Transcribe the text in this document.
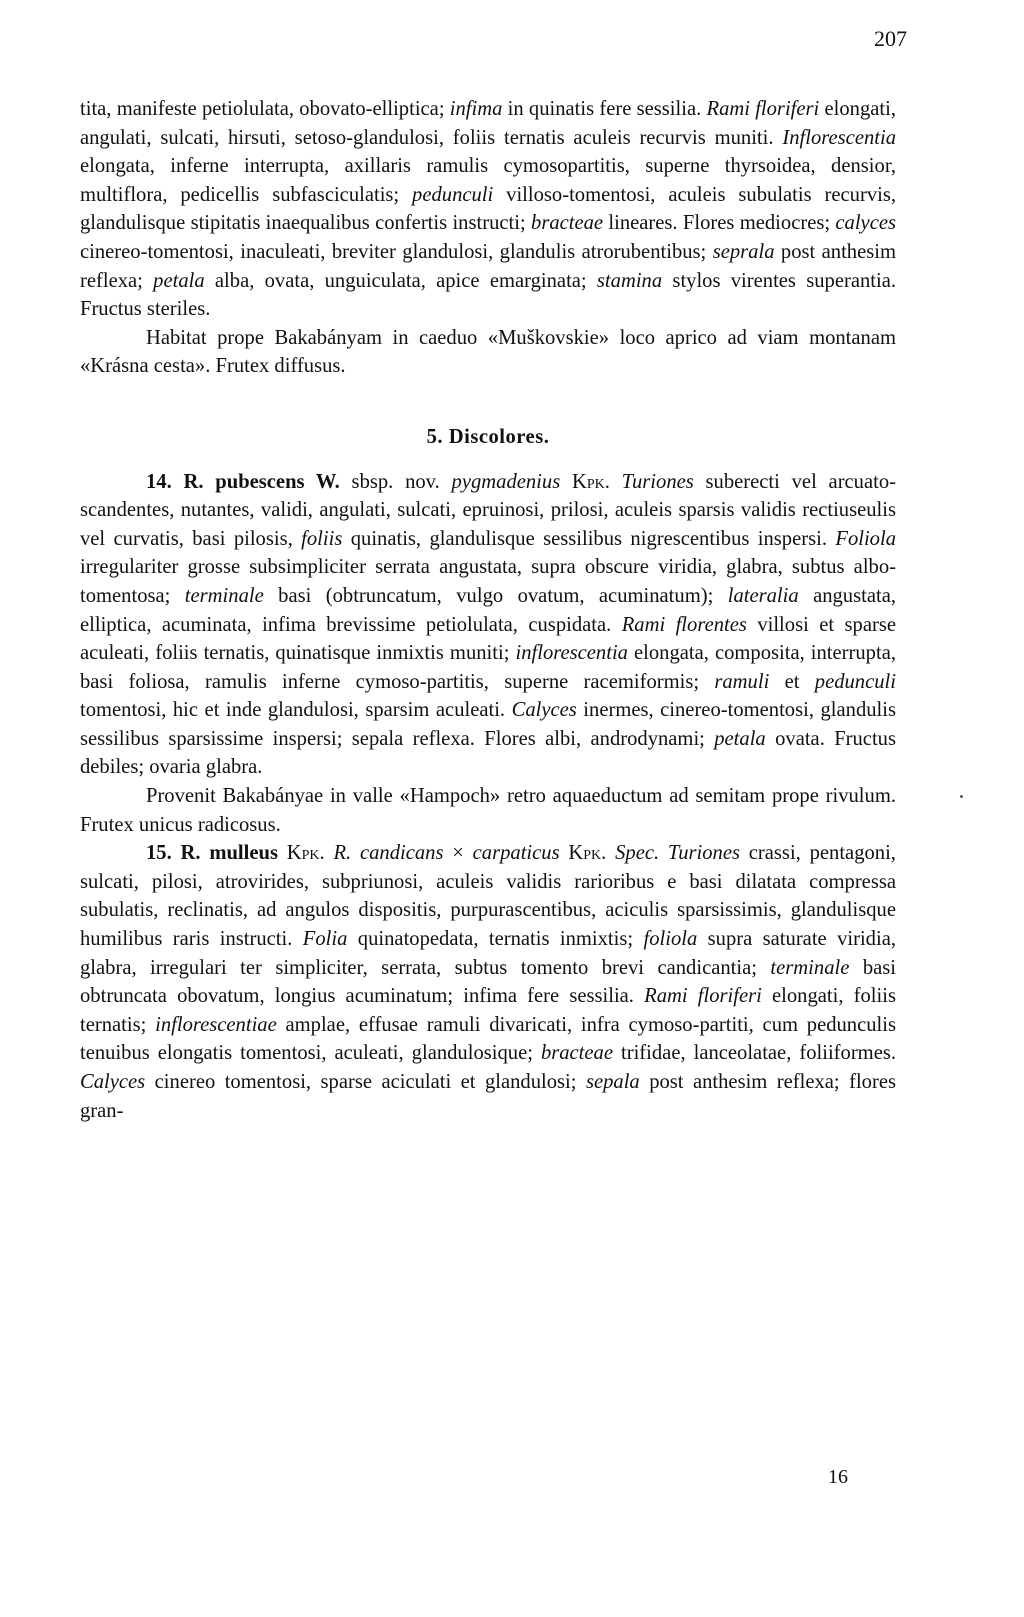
207

tita, manifeste petiolulata, obovato-elliptica; infima in quinatis fere sessilia. Rami floriferi elongati, angulati, sulcati, hirsuti, setoso-glandulosi, foliis ternatis aculeis recurvis muniti. Inflorescentia elongata, inferne interrupta, axillaris ramulis cymosopartitis, superne thyrsoidea, densior, multiflora, pedicellis subfasciculatis; pedunculi villoso-tomentosi, aculeis subulatis recurvis, glandulisque stipitatis inaequalibus confertis instructi; bracteae lineares. Flores mediocres; calyces cinereo-tomentosi, inaculeati, breviter glandulosi, glandulis atrorubentibus; seprala post anthesim reflexa; petala alba, ovata, unguiculata, apice emarginata; stamina stylos virentes superantia. Fructus steriles.

Habitat prope Bakabányam in caeduo «Muškovskie» loco aprico ad viam montanam «Krásna cesta». Frutex diffusus.

5. Discolores.

14. R. pubescens W. sbsp. nov. pygmadenius Kpk. Turiones suberecti vel arcuato-scandentes, nutantes, validi, angulati, sulcati, epruinosi, prilosi, aculeis sparsis validis rectiuseulis vel curvatis, basi pilosis, foliis quinatis, glandulisque sessilibus nigrescentibus inspersi. Foliola irregulariter grosse subsimpliciter serrata angustata, supra obscure viridia, glabra, subtus albo-tomentosa; terminale basi (obtruncatum, vulgo ovatum, acuminatum); lateralia angustata, elliptica, acuminata, infima brevissime petiolulata, cuspidata. Rami florentes villosi et sparse aculeati, foliis ternatis, quinatisque inmixtis muniti; inflorescentia elongata, composita, interrupta, basi foliosa, ramulis inferne cymoso-partitis, superne racemiformis; ramuli et pedunculi tomentosi, hic et inde glandulosi, sparsim aculeati. Calyces inermes, cinereo-tomentosi, glandulis sessilibus sparsissime inspersi; sepala reflexa. Flores albi, androdynami; petala ovata. Fructus debiles; ovaria glabra.

Provenit Bakabányae in valle «Hampoch» retro aquaeductum ad semitam prope rivulum. Frutex unicus radicosus.

15. R. mulleus Kpk. R. candicans × carpaticus Kpk. Spec. Turiones crassi, pentagoni, sulcati, pilosi, atrovirides, subpriunosi, aculeis validis rarioribus e basi dilatata compressa subulatis, reclinatis, ad angulos dispositis, purpurascentibus, aciculis sparsissimis, glandulisque humilibus raris instructi. Folia quinatopedata, ternatis inmixtis; foliola supra saturate viridia, glabra, irregulari ter simpliciter, serrata, subtus tomento brevi candicantia; terminale basi obtruncata obovatum, longius acuminatum; infima fere sessilia. Rami floriferi elongati, foliis ternatis; inflorescentiae amplae, effusae ramuli divaricati, infra cymoso-partiti, cum pedunculis tenuibus elongatis tomentosi, aculeati, glandulosique; bracteae trifidae, lanceolatae, foliiformes. Calyces cinereo tomentosi, sparse aciculati et glandulosi; sepala post anthesim reflexa; flores gran-

16
